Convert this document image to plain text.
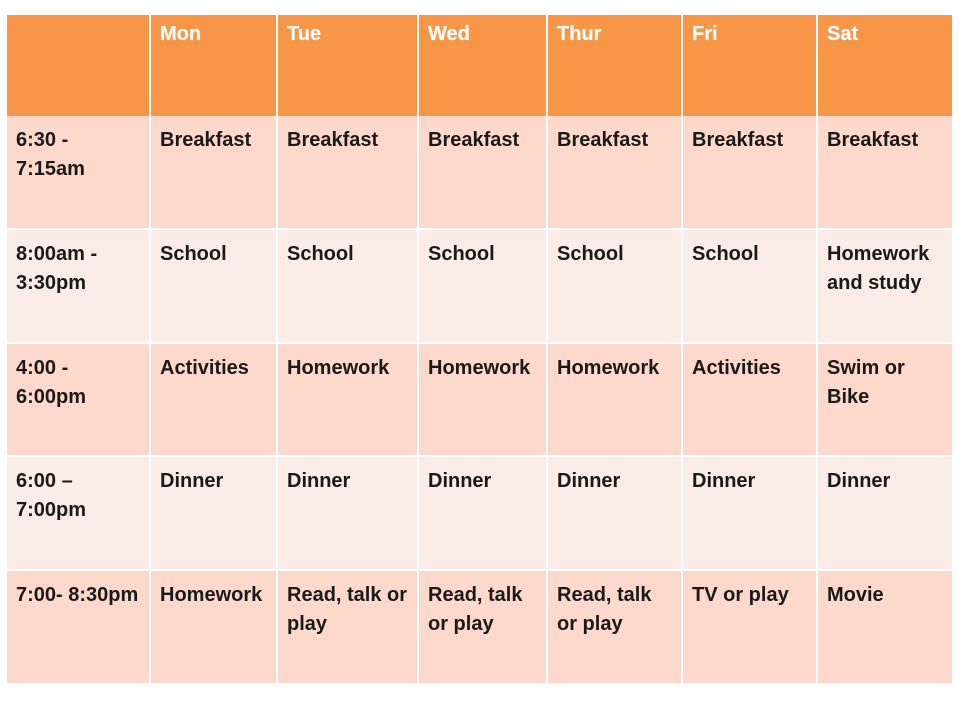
	Mon	Tue	Wed	Thur	Fri	Sat
6:30 - 7:15am	Breakfast	Breakfast	Breakfast	Breakfast	Breakfast	Breakfast
8:00am - 3:30pm	School	School	School	School	School	Homework and study
4:00 - 6:00pm	Activities	Homework	Homework	Homework	Activities	Swim or Bike
6:00 – 7:00pm	Dinner	Dinner	Dinner	Dinner	Dinner	Dinner
7:00- 8:30pm	Homework	Read, talk or play	Read, talk or play	Read, talk or play	TV or play	Movie
